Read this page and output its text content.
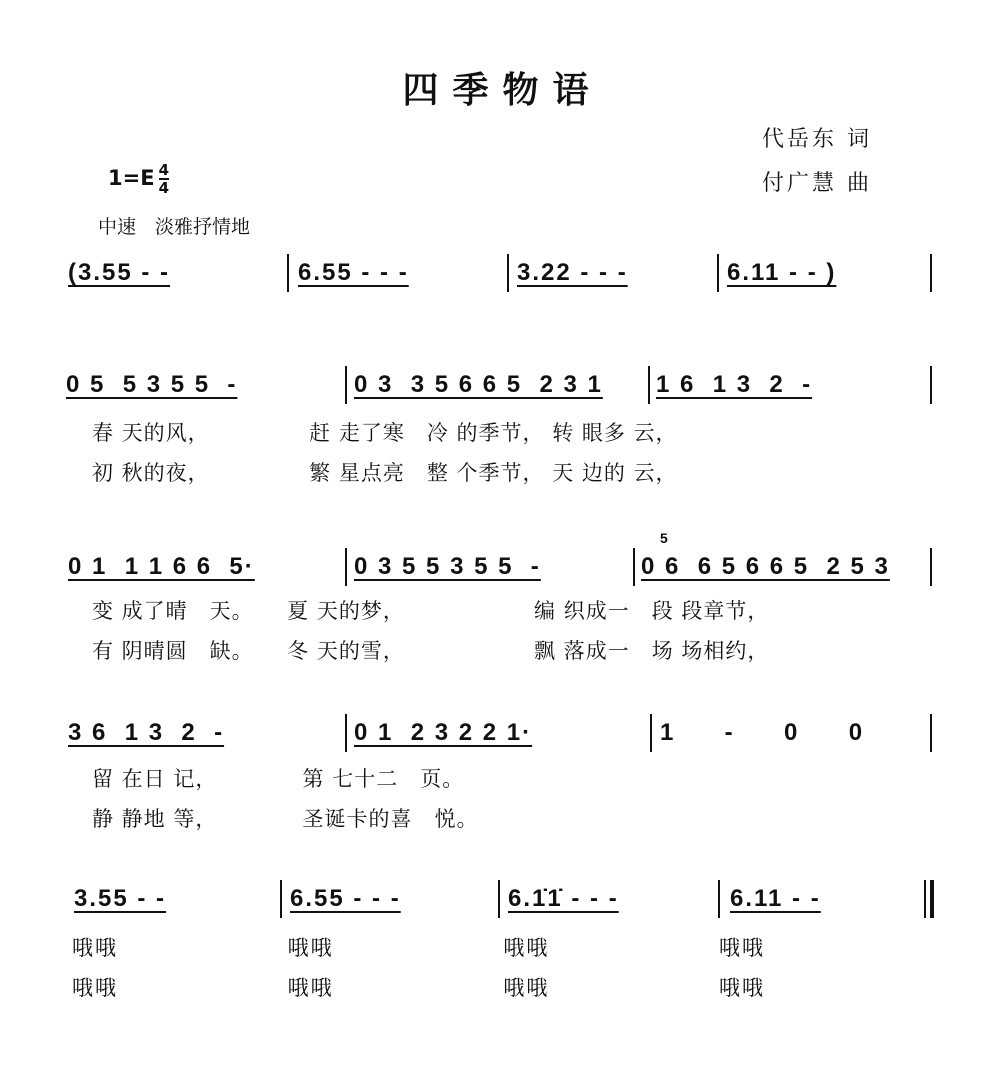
四季物语
代岳东 词
付广慧 曲
$1=E \frac{4}{4}$
中速　淡雅抒情地

(3.55 - -

	6.55 - - -

	3.22 - - -

	6.11 - - )

0 5  5 3 5 5  -

	0 3  3 5 6 6 5  2 3 1

1 6  1 3  2  -

春 天的风，　　　　　赶 走了寒　冷 的季节， 转 眼多 云，
初 秋的夜，　　　　　繁 星点亮　整 个季节， 天 边的 云，

0 1  1 1 6 6  5·

	0 3 5 5 3 5 5  -

5

0 6  6 5 6 6 5  2 5 3

变 成了晴　天。　　夏 天的梦，　　　　　　 编 织成一　段 段章节，
有 阴晴圆　缺。　　冬 天的雪，　　　　　　 飘 落成一　场 场相约，

3 6  1 3  2  -

	0 1  2 3 2 2 1·

	1  -  0  0

留 在日 记，　　　　 第 七十二　页。
静 静地 等，　　　　 圣诞卡的喜　悦。

3.55 - -

	6.55 - - -

	6.1̇1̇ - - -

	6.11 - -

哦哦　　　　　　　 哦哦　　　　　　　 哦哦　　　　　　　 哦哦
哦哦　　　　　　　 哦哦　　　　　　　 哦哦　　　　　　　 哦哦
